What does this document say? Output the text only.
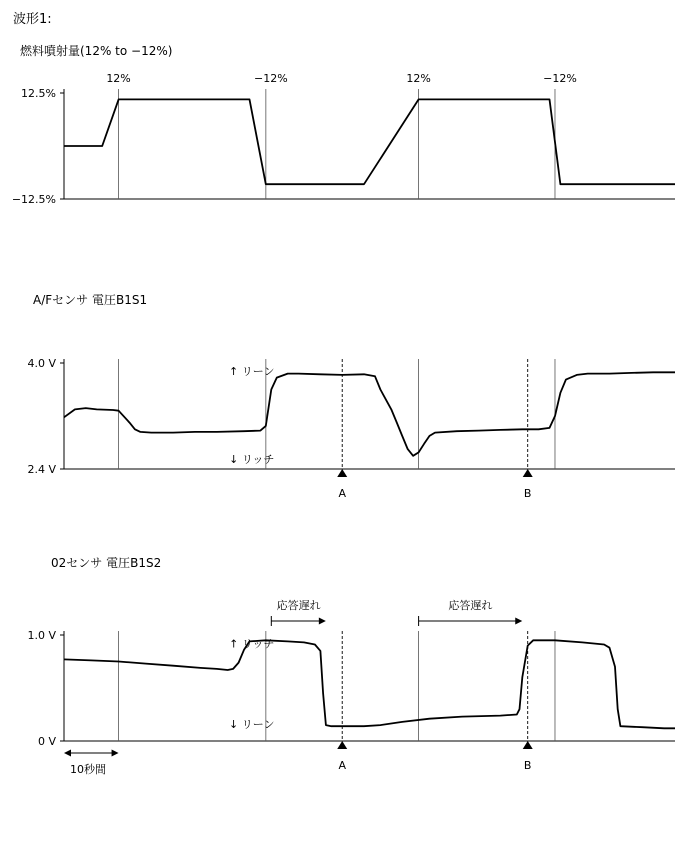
波形1:
燃料噴射量(12% to −12%)
12.5%
−12.5%
12%	−12%	12%	−12%
A/Fセンサ 電圧B1S1
4.0 V
2.4 V
A	B
↑ リーン
↓ リッチ
02センサ 電圧B1S2
1.0 V
0 V
A	B
↑ リッチ
↓ リーン
応答遅れ	応答遅れ
10秒間
